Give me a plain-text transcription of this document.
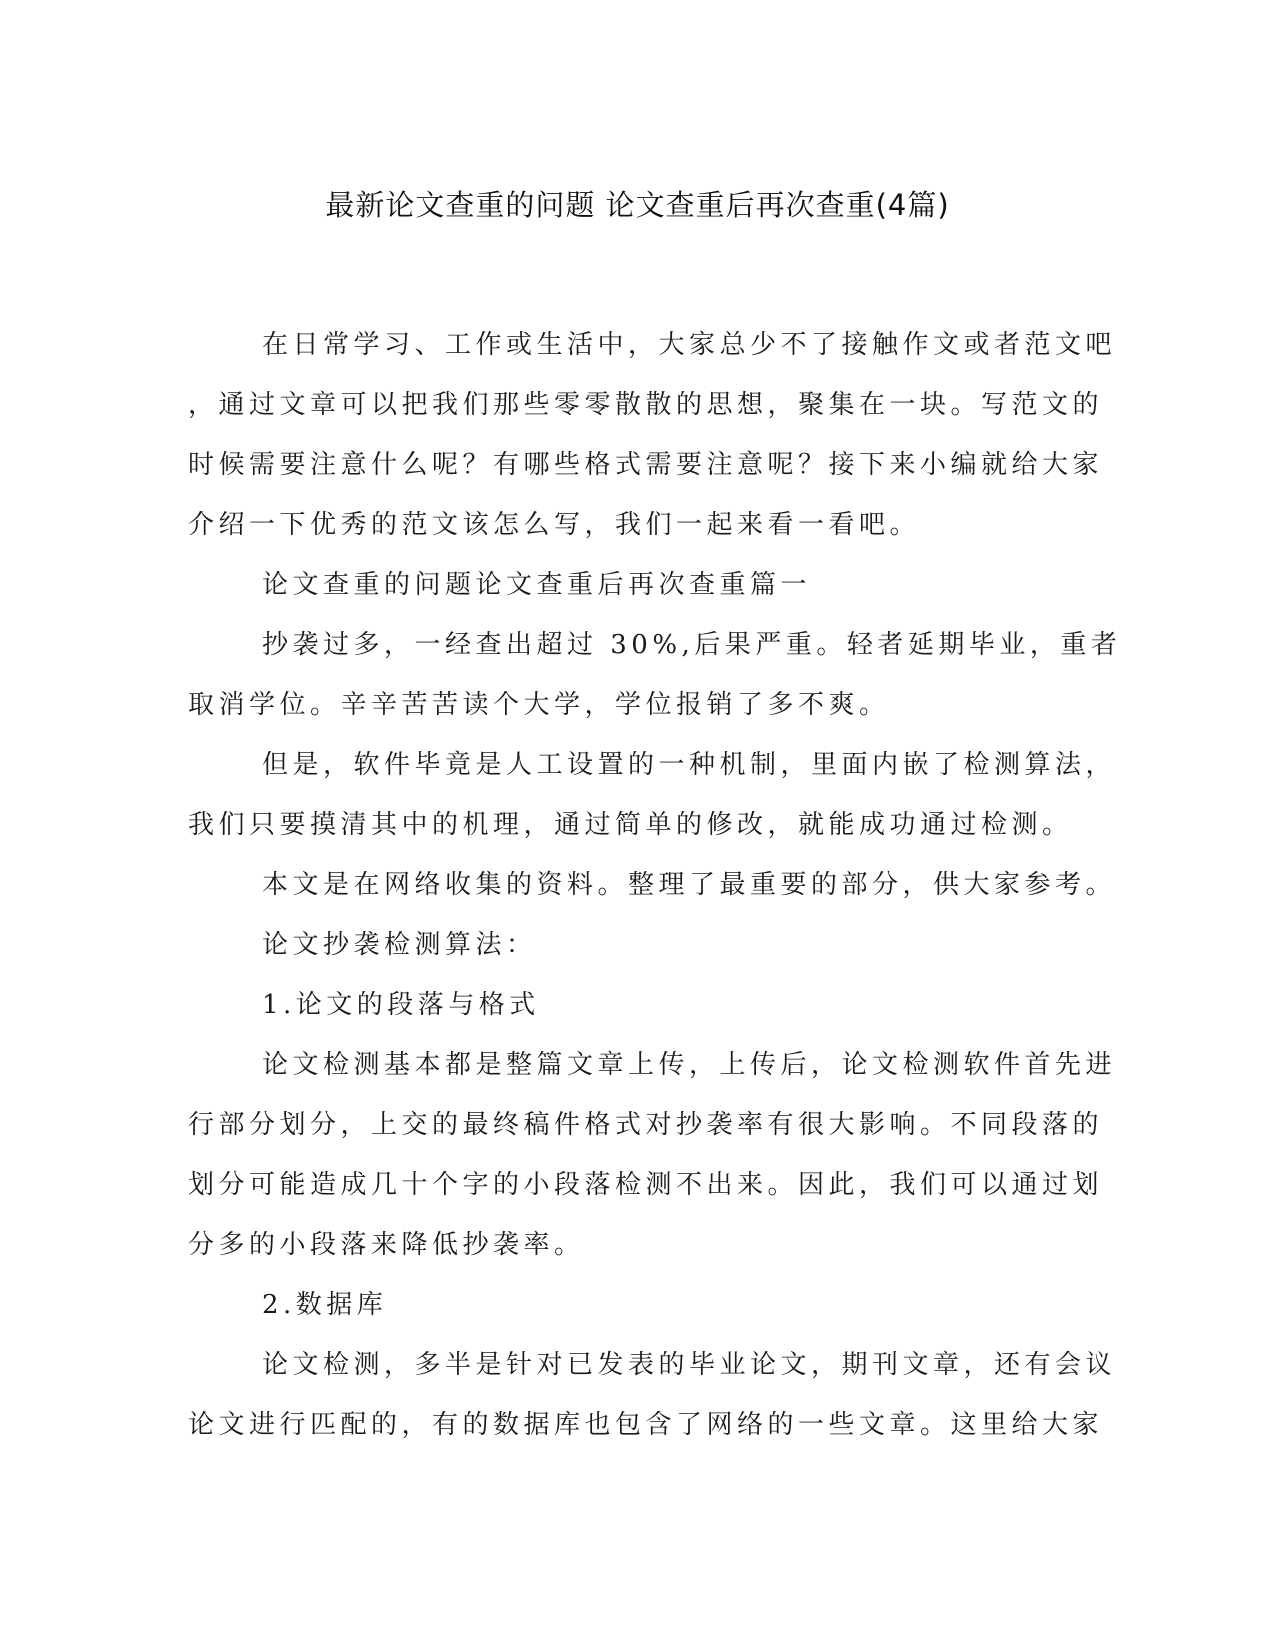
最新论文查重的问题 论文查重后再次查重(4篇)
在日常学习、工作或生活中，大家总少不了接触作文或者范文吧
，通过文章可以把我们那些零零散散的思想，聚集在一块。写范文的
时候需要注意什么呢？有哪些格式需要注意呢？接下来小编就给大家
介绍一下优秀的范文该怎么写，我们一起来看一看吧。
论文查重的问题论文查重后再次查重篇一
抄袭过多，一经查出超过 30%,后果严重。轻者延期毕业，重者
取消学位。辛辛苦苦读个大学，学位报销了多不爽。
但是，软件毕竟是人工设置的一种机制，里面内嵌了检测算法，
我们只要摸清其中的机理，通过简单的修改，就能成功通过检测。
本文是在网络收集的资料。整理了最重要的部分，供大家参考。
论文抄袭检测算法：
1.论文的段落与格式
论文检测基本都是整篇文章上传，上传后，论文检测软件首先进
行部分划分，上交的最终稿件格式对抄袭率有很大影响。不同段落的
划分可能造成几十个字的小段落检测不出来。因此，我们可以通过划
分多的小段落来降低抄袭率。
2.数据库
论文检测，多半是针对已发表的毕业论文，期刊文章，还有会议
论文进行匹配的，有的数据库也包含了网络的一些文章。这里给大家
